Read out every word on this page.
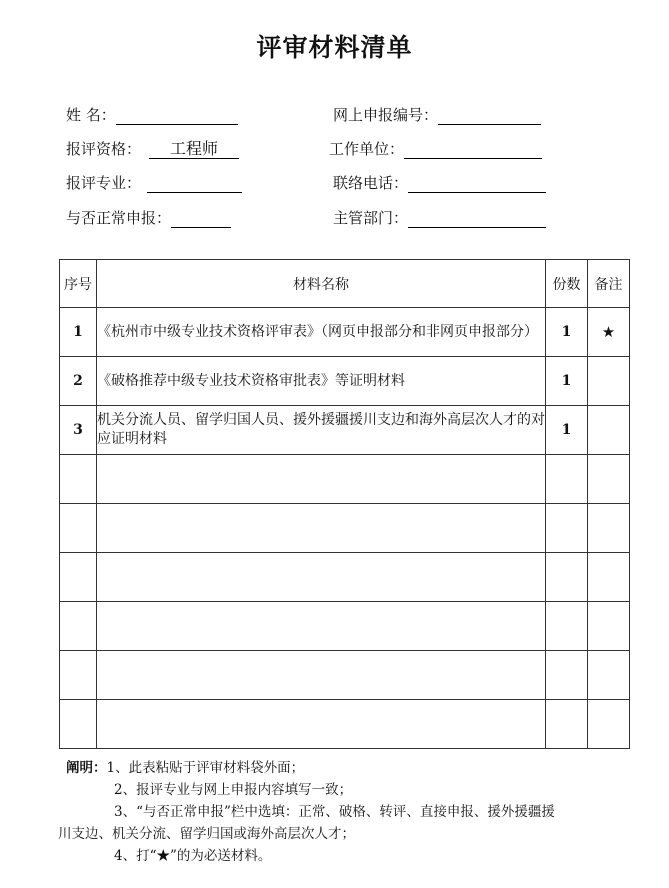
评审材料清单
姓 名：	网上申报编号：
报评资格： 工程师	工作单位：
报评专业：	联络电话：
与否正常申报：	主管部门：
序号	材料名称	份数	备注
1	《杭州市中级专业技术资格评审表》（网页申报部分和非网页申报部分）	1	★
2	《破格推荐中级专业技术资格审批表》等证明材料	1	
3	机关分流人员、留学归国人员、援外援疆援川支边和海外高层次人才的对应证明材料	1	

阐明：1、此表粘贴于评审材料袋外面；
2、报评专业与网上申报内容填写一致；
3、“与否正常申报”栏中选填：正常、破格、转评、直接申报、援外援疆援
川支边、机关分流、留学归国或海外高层次人才；
4、打“★”的为必送材料。
